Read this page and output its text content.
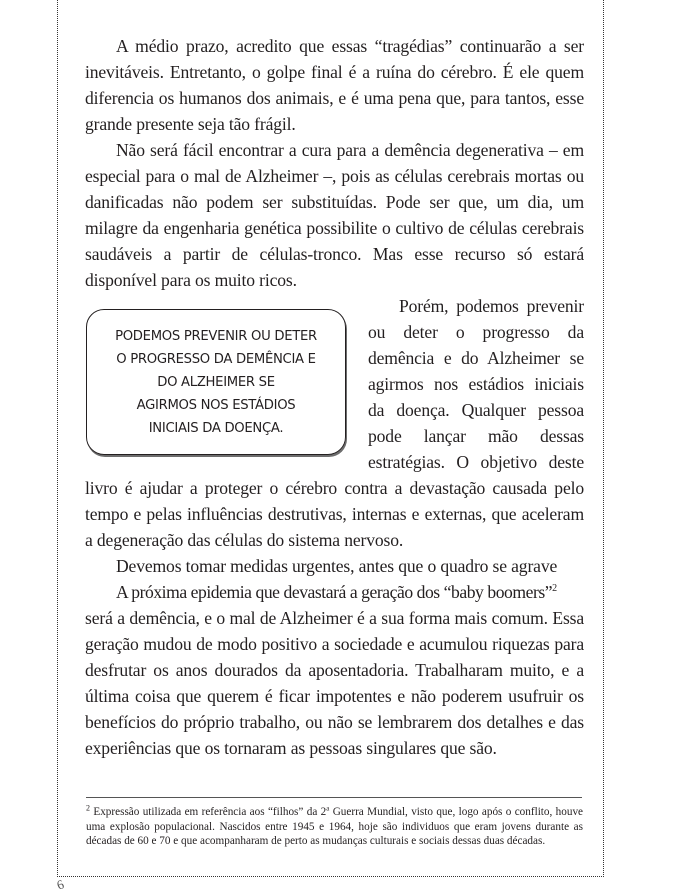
A médio prazo, acredito que essas “tragédias” continuarão a ser inevitáveis. Entretanto, o golpe final é a ruína do cérebro. É ele quem diferencia os humanos dos animais, e é uma pena que, para tantos, esse grande presente seja tão frágil.

Não será fácil encontrar a cura para a demência degenerativa – em especial para o mal de Alzheimer –, pois as células cerebrais mortas ou danificadas não podem ser substituídas. Pode ser que, um dia, um milagre da engenharia genética possibilite o cultivo de células cerebrais saudáveis a partir de células-tronco. Mas esse recurso só estará disponível para os muito ricos.

PODEMOS PREVENIR OU DETER
O PROGRESSO DA DEMÊNCIA E
DO ALZHEIMER SE
AGIRMOS NOS ESTÁDIOS
INICIAIS DA DOENÇA.

Porém, podemos prevenir ou deter o progresso da demência e do Alzheimer se agirmos nos estádios iniciais da doença. Qualquer pessoa pode lançar mão dessas estratégias. O objetivo deste livro é ajudar a proteger o cérebro contra a devastação causada pelo tempo e pelas influências destrutivas, internas e externas, que aceleram a degeneração das células do sistema nervoso.

Devemos tomar medidas urgentes, antes que o quadro se agrave

A próxima epidemia que devastará a geração dos “baby boomers”$^2$

será a demência, e o mal de Alzheimer é a sua forma mais comum. Essa geração mudou de modo positivo a sociedade e acumulou riquezas para desfrutar os anos dourados da aposentadoria. Trabalharam muito, e a última coisa que querem é ficar impotentes e não poderem usufruir os benefícios do próprio trabalho, ou não se lembrarem dos detalhes e das experiências que os tornaram as pessoas singulares que são.

$^2$ Expressão utilizada em referência aos “filhos” da 2$^a$ Guerra Mundial, visto que, logo após o conflito, houve uma explosão populacional. Nascidos entre 1945 e 1964, hoje são individuos que eram jovens durante as décadas de 60 e 70 e que acompanharam de perto as mudanças culturais e sociais dessas duas décadas.
6
